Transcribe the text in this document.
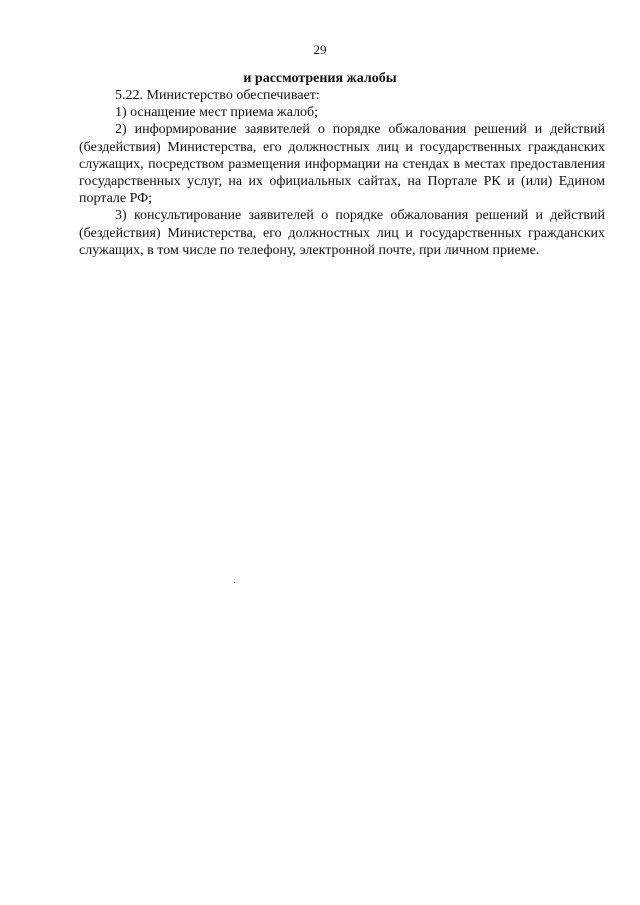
29
и рассмотрения жалобы

5.22. Министерство обеспечивает:

1) оснащение мест приема жалоб;

2) информирование заявителей о порядке обжалования решений и действий (бездействия) Министерства, его должностных лиц и государственных гражданских служащих, посредством размещения информации на стендах в местах предоставления государственных услуг, на их официальных сайтах, на Портале РК и (или) Едином портале РФ;

3) консультирование заявителей о порядке обжалования решений и действий (бездействия) Министерства, его должностных лиц и государственных гражданских служащих, в том числе по телефону, электронной почте, при личном приеме.
